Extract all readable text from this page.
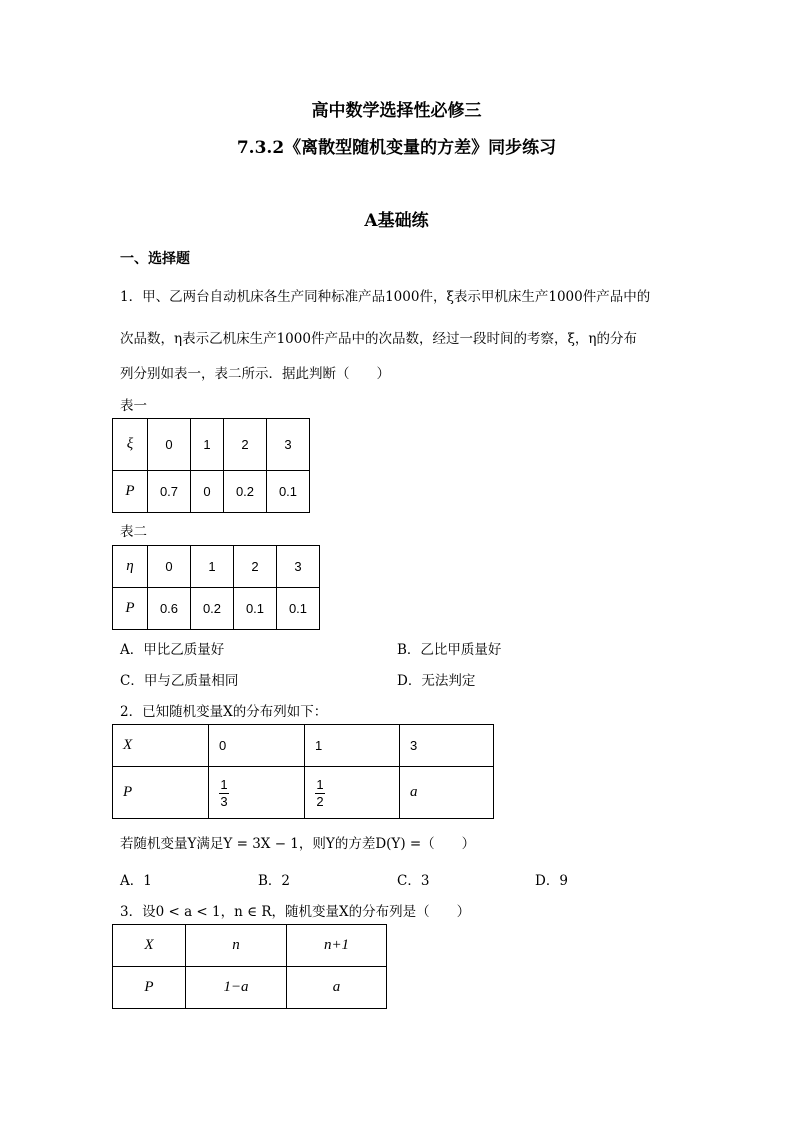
高中数学选择性必修三
7.3.2《离散型随机变量的方差》同步练习
A基础练
一、选择题
1．甲、乙两台自动机床各生产同种标准产品1000件，ξ表示甲机床生产1000件产品中的
次品数，η表示乙机床生产1000件产品中的次品数，经过一段时间的考察，ξ，η的分布
列分别如表一，表二所示．据此判断（　　）
表一
ξ	0	1	2	3
P	0.7	0	0.2	0.1
表二
η	0	1	2	3
P	0.6	0.2	0.1	0.1
A．甲比乙质量好	B．乙比甲质量好
C．甲与乙质量相同	D．无法判定
2．已知随机变量X的分布列如下：
X	0	1	3
P	$\frac{1}{3}$	$\frac{1}{2}$	a
若随机变量Y满足Y = 3X − 1，则Y的方差D(Y) =（　　）
A．1	B．2	C．3	D．9
3．设0 < a < 1，n ∈ R，随机变量X的分布列是（　　）
X	n	n+1
P	1−a	a
